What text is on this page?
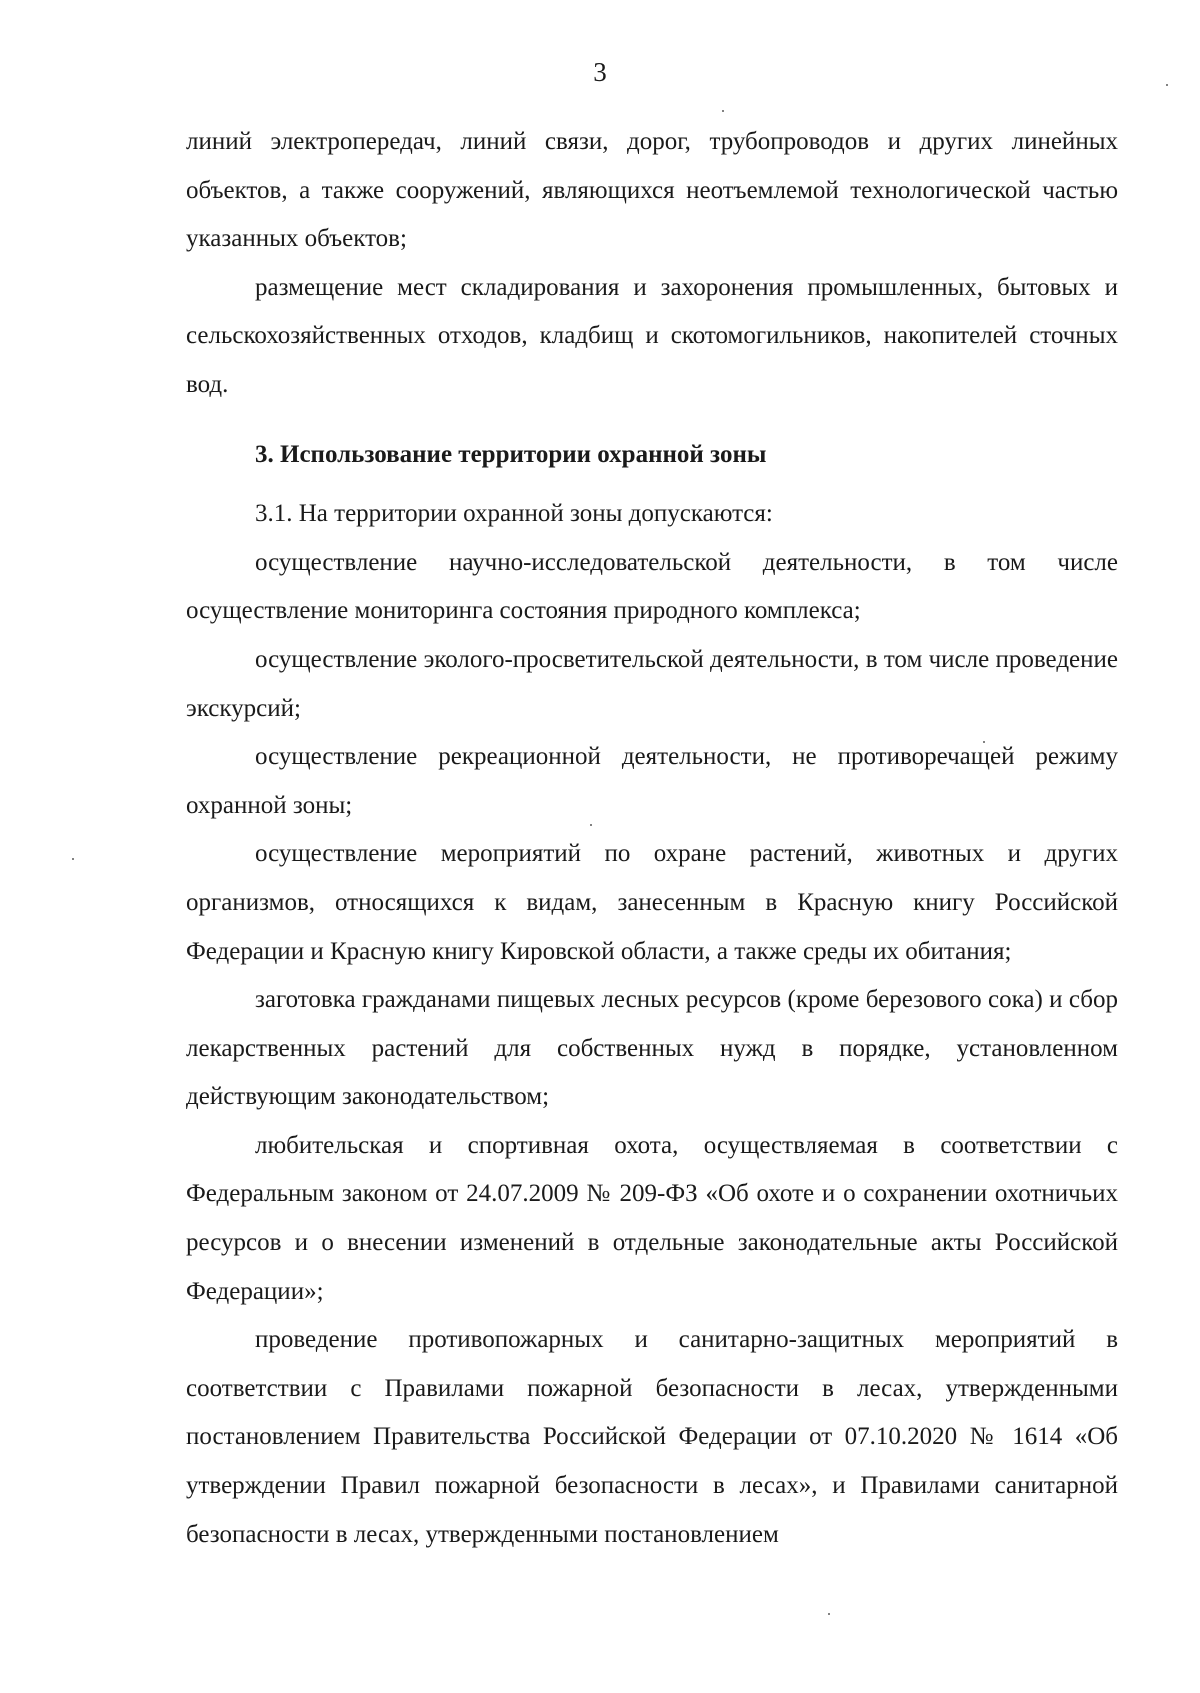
3

линий электропередач, линий связи, дорог, трубопроводов и других линейных объектов, а также сооружений, являющихся неотъемлемой технологической частью указанных объектов;

размещение мест складирования и захоронения промышленных, бытовых и сельскохозяйственных отходов, кладбищ и скотомогильников, накопителей сточных вод.

3. Использование территории охранной зоны

3.1. На территории охранной зоны допускаются:

осуществление научно-исследовательской деятельности, в том числе осуществление мониторинга состояния природного комплекса;

осуществление эколого-просветительской деятельности, в том числе проведение экскурсий;

осуществление рекреационной деятельности, не противоречащей режиму охранной зоны;

осуществление мероприятий по охране растений, животных и других организмов, относящихся к видам, занесенным в Красную книгу Российской Федерации и Красную книгу Кировской области, а также среды их обитания;

заготовка гражданами пищевых лесных ресурсов (кроме березового сока) и сбор лекарственных растений для собственных нужд в порядке, установленном действующим законодательством;

любительская и спортивная охота, осуществляемая в соответствии с Федеральным законом от 24.07.2009 № 209-ФЗ «Об охоте и о сохранении охотничьих ресурсов и о внесении изменений в отдельные законодательные акты Российской Федерации»;

проведение противопожарных и санитарно-защитных мероприятий в соответствии с Правилами пожарной безопасности в лесах, утвержденными постановлением Правительства Российской Федерации от 07.10.2020 № 1614 «Об утверждении Правил пожарной безопасности в лесах», и Правилами санитарной безопасности в лесах, утвержденными постановлением
